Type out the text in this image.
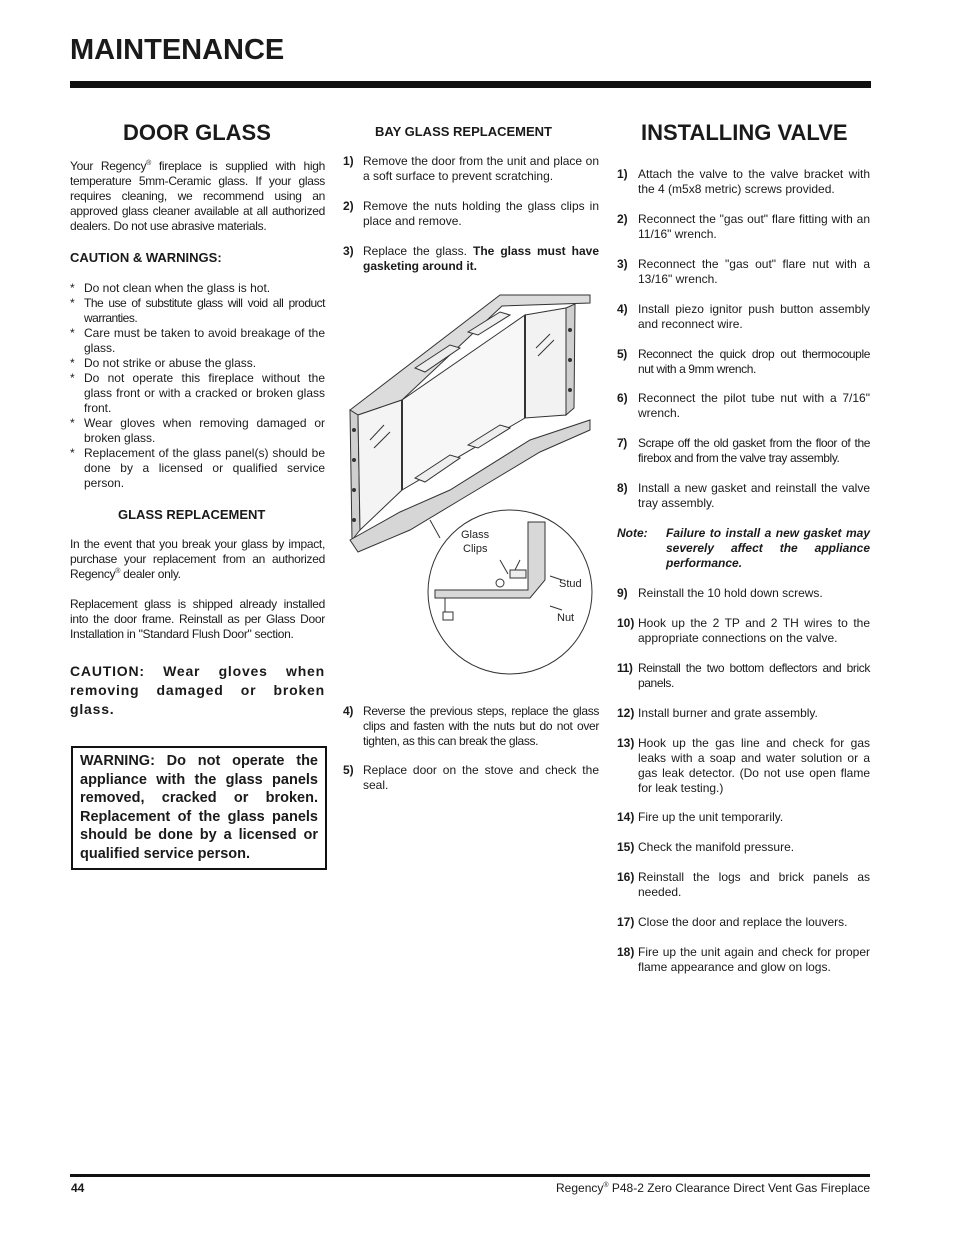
MAINTENANCE
DOOR GLASS
Your Regency® fireplace is supplied with high temperature 5mm-Ceramic glass. If your glass requires cleaning, we recommend using an approved glass cleaner available at all authorized dealers. Do not use abrasive materials.
CAUTION & WARNINGS:
* Do not clean when the glass is hot.
* The use of substitute glass will void all product warranties.
* Care must be taken to avoid breakage of the glass.
* Do not strike or abuse the glass.
* Do not operate this fireplace without the glass front or with a cracked or broken glass front.
* Wear gloves when removing damaged or broken glass.
* Replacement of the glass panel(s) should be done by a licensed or qualified service person.
GLASS REPLACEMENT
In the event that you break your glass by impact, purchase your replacement from an authorized Regency® dealer only.
Replacement glass is shipped already installed into the door frame. Reinstall as per Glass Door Installation in "Standard Flush Door" section.
CAUTION: Wear gloves when removing damaged or broken glass.
WARNING: Do not operate the appliance with the glass panels removed, cracked or broken. Replacement of the glass panels should be done by a licensed or qualified service person.
BAY GLASS REPLACEMENT
1) Remove the door from the unit and place on a soft surface to prevent scratching.
2) Remove the nuts holding the glass clips in place and remove.
3) Replace the glass. The glass must have gasketing around it.
4) Reverse the previous steps, replace the glass clips and fasten with the nuts but do not over tighten, as this can break the glass.
5) Replace door on the stove and check the seal.
Glass
Clips
Stud
Nut
INSTALLING VALVE
1) Attach the valve to the valve bracket with the 4 (m5x8 metric) screws provided.
2) Reconnect the "gas out" flare fitting with an 11/16" wrench.
3) Reconnect the "gas out" flare nut with a 13/16" wrench.
4) Install piezo ignitor push button assembly and reconnect wire.
5) Reconnect the quick drop out thermocouple nut with a 9mm wrench.
6) Reconnect the pilot tube nut with a 7/16" wrench.
7) Scrape off the old gasket from the floor of the firebox and from the valve tray assembly.
8) Install a new gasket and reinstall the valve tray assembly.
Note: Failure to install a new gasket may severely affect the appliance performance.
9) Reinstall the 10 hold down screws.
10) Hook up the 2 TP and 2 TH wires to the appropriate connections on the valve.
11) Reinstall the two bottom deflectors and brick panels.
12) Install burner and grate assembly.
13) Hook up the gas line and check for gas leaks with a soap and water solution or a gas leak detector. (Do not use open flame for leak testing.)
14) Fire up the unit temporarily.
15) Check the manifold pressure.
16) Reinstall the logs and brick panels as needed.
17) Close the door and replace the louvers.
18) Fire up the unit again and check for proper flame appearance and glow on logs.
44	Regency® P48-2 Zero Clearance Direct Vent Gas Fireplace
